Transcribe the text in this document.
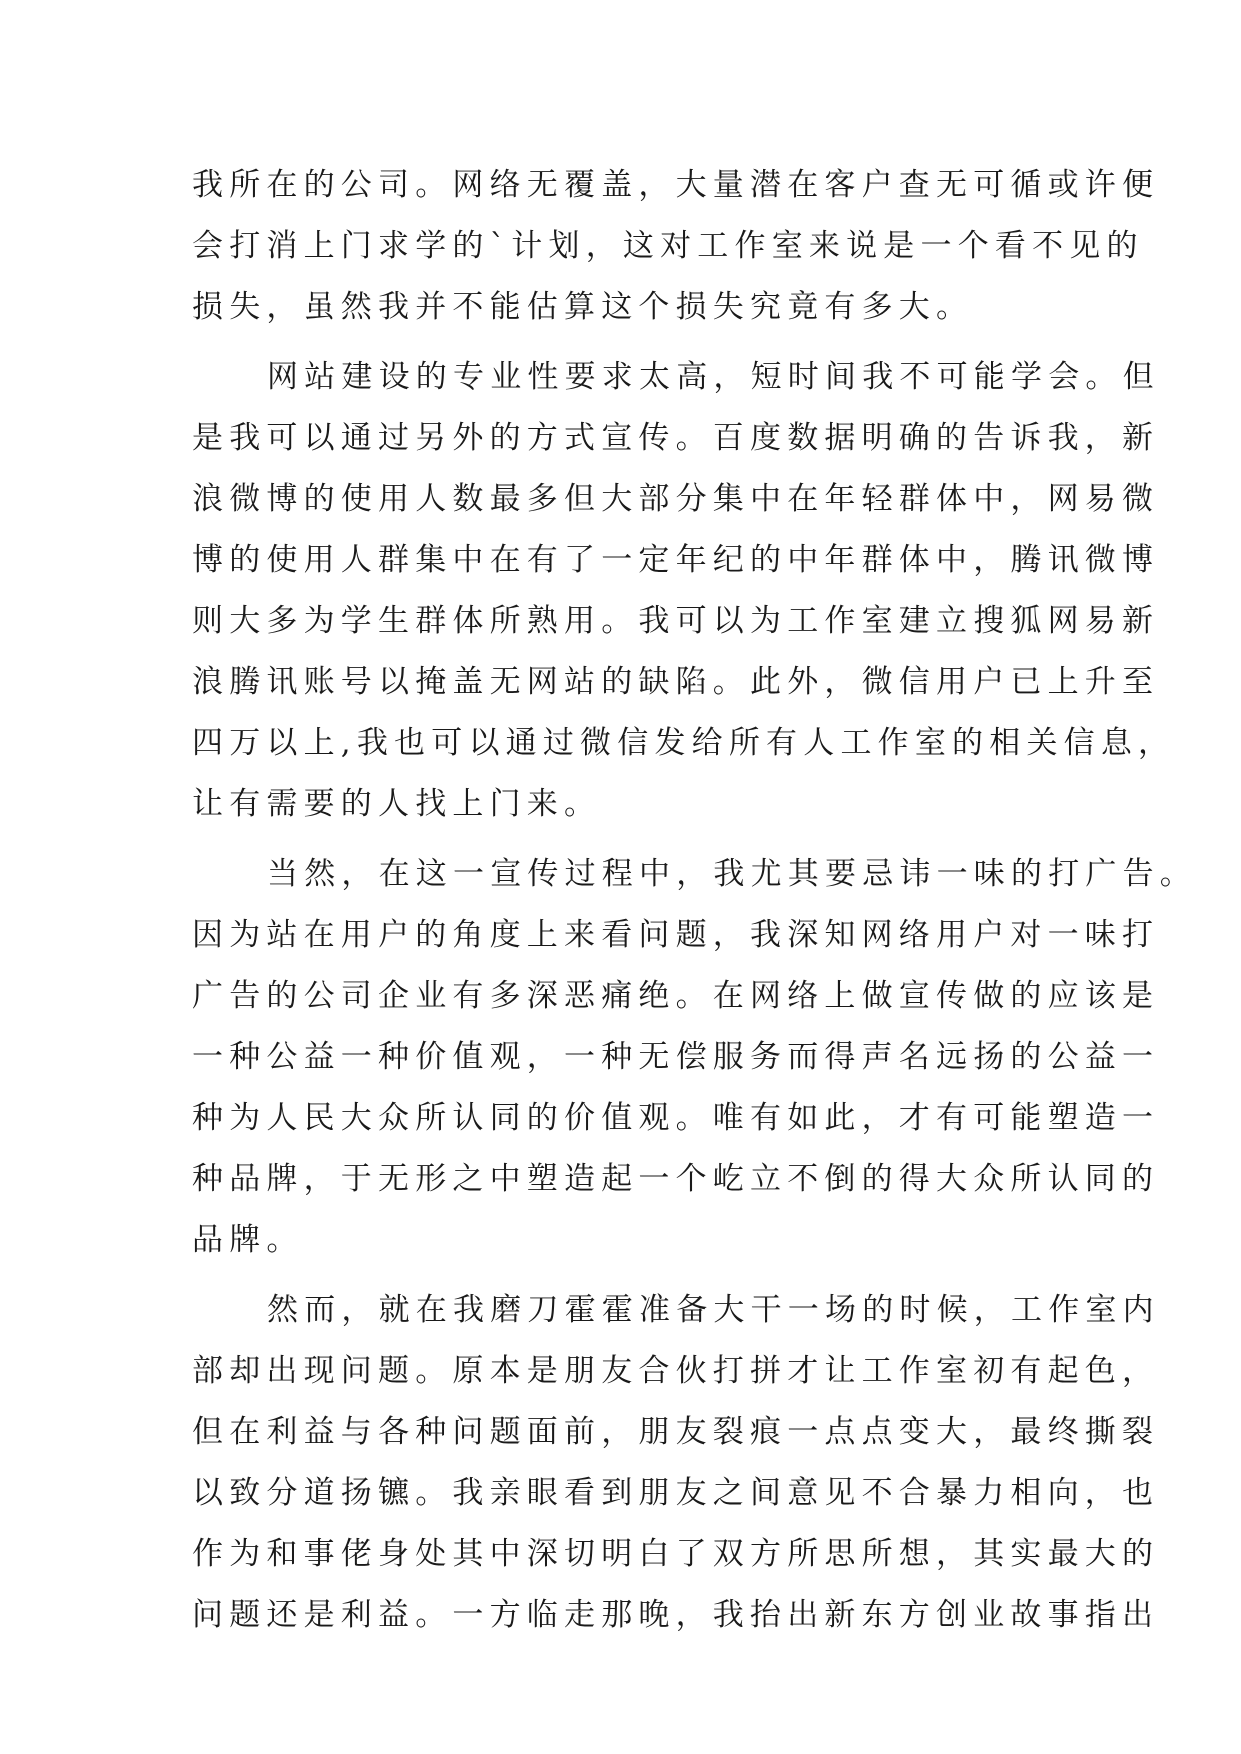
我所在的公司。网络无覆盖，大量潜在客户查无可循或许便
会打消上门求学的`计划，这对工作室来说是一个看不见的
损失，虽然我并不能估算这个损失究竟有多大。

网站建设的专业性要求太高，短时间我不可能学会。但
是我可以通过另外的方式宣传。百度数据明确的告诉我，新
浪微博的使用人数最多但大部分集中在年轻群体中，网易微
博的使用人群集中在有了一定年纪的中年群体中，腾讯微博
则大多为学生群体所熟用。我可以为工作室建立搜狐网易新
浪腾讯账号以掩盖无网站的缺陷。此外，微信用户已上升至
四万以上,我也可以通过微信发给所有人工作室的相关信息，
让有需要的人找上门来。

当然，在这一宣传过程中，我尤其要忌讳一味的打广告。
因为站在用户的角度上来看问题，我深知网络用户对一味打
广告的公司企业有多深恶痛绝。在网络上做宣传做的应该是
一种公益一种价值观，一种无偿服务而得声名远扬的公益一
种为人民大众所认同的价值观。唯有如此，才有可能塑造一
种品牌，于无形之中塑造起一个屹立不倒的得大众所认同的
品牌。

然而，就在我磨刀霍霍准备大干一场的时候，工作室内
部却出现问题。原本是朋友合伙打拼才让工作室初有起色，
但在利益与各种问题面前，朋友裂痕一点点变大，最终撕裂
以致分道扬镳。我亲眼看到朋友之间意见不合暴力相向，也
作为和事佬身处其中深切明白了双方所思所想，其实最大的
问题还是利益。一方临走那晚，我抬出新东方创业故事指出
